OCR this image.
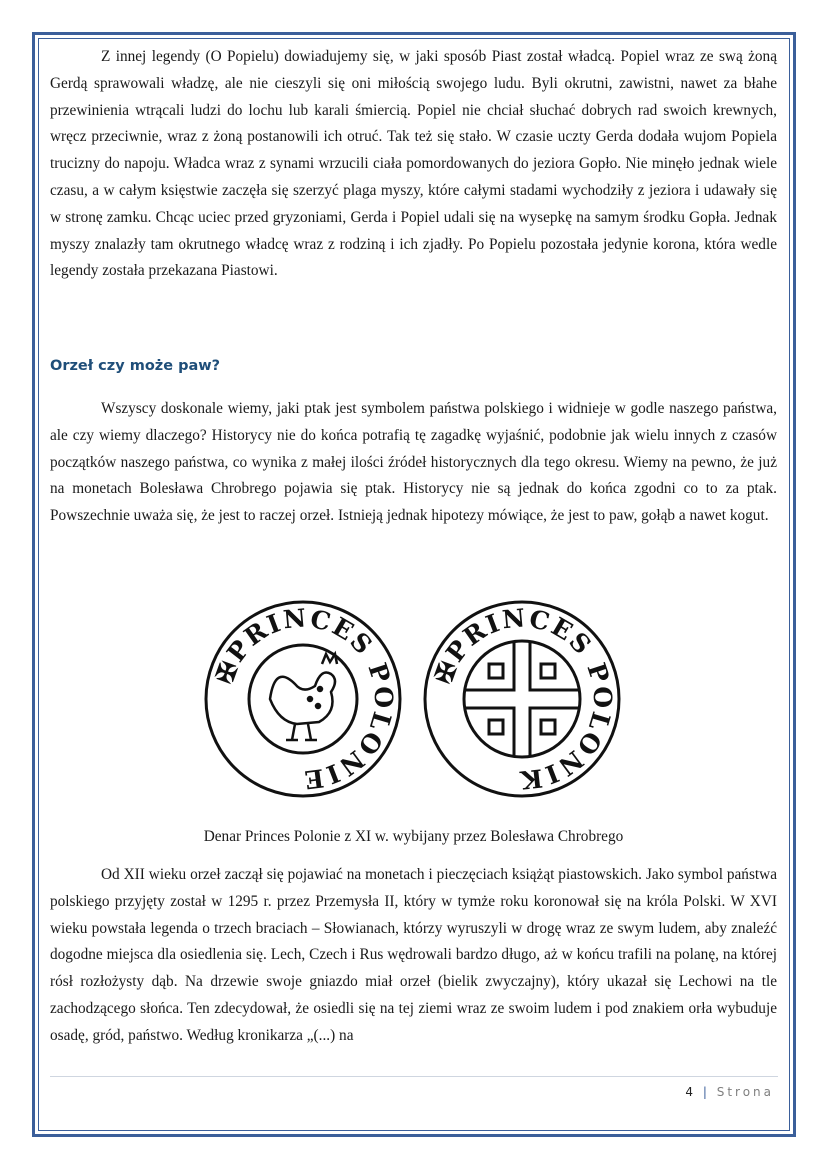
Z innej legendy (O Popielu) dowiadujemy się, w jaki sposób Piast został władcą. Popiel wraz ze swą żoną Gerdą sprawowali władzę, ale nie cieszyli się oni miłością swojego ludu. Byli okrutni, zawistni, nawet za błahe przewinienia wtrącali ludzi do lochu lub karali śmiercią. Popiel nie chciał słuchać dobrych rad swoich krewnych, wręcz przeciwnie, wraz z żoną postanowili ich otruć. Tak też się stało. W czasie uczty Gerda dodała wujom Popiela trucizny do napoju. Władca wraz z synami wrzucili ciała pomordowanych do jeziora Gopło. Nie minęło jednak wiele czasu, a w całym księstwie zaczęła się szerzyć plaga myszy, które całymi stadami wychodziły z jeziora i udawały się w stronę zamku. Chcąc uciec przed gryzoniami, Gerda i Popiel udali się na wysepkę na samym środku Gopła. Jednak myszy znalazły tam okrutnego władcę wraz z rodziną i ich zjadły. Po Popielu pozostała jedynie korona, która wedle legendy została przekazana Piastowi.

Orzeł czy może paw?

Wszyscy doskonale wiemy, jaki ptak jest symbolem państwa polskiego i widnieje w godle naszego państwa, ale czy wiemy dlaczego? Historycy nie do końca potrafią tę zagadkę wyjaśnić, podobnie jak wielu innych z czasów początków naszego państwa, co wynika z małej ilości źródeł historycznych dla tego okresu. Wiemy na pewno, że już na monetach Bolesława Chrobrego pojawia się ptak. Historycy nie są jednak do końca zgodni co to za ptak. Powszechnie uważa się, że jest to raczej orzeł. Istnieją jednak hipotezy mówiące, że jest to paw, gołąb a nawet kogut.

✠PRINCES POLONIE
✠PRINCES POLONIK
Denar Princes Polonie z XI w. wybijany przez Bolesława Chrobrego

Od XII wieku orzeł zaczął się pojawiać na monetach i pieczęciach książąt piastowskich. Jako symbol państwa polskiego przyjęty został w 1295 r. przez Przemysła II, który w tymże roku koronował się na króla Polski. W XVI wieku powstała legenda o trzech braciach – Słowianach, którzy wyruszyli w drogę wraz ze swym ludem, aby znaleźć dogodne miejsca dla osiedlenia się. Lech, Czech i Rus wędrowali bardzo długo, aż w końcu trafili na polanę, na której rósł rozłożysty dąb. Na drzewie swoje gniazdo miał orzeł (bielik zwyczajny), który ukazał się Lechowi na tle zachodzącego słońca. Ten zdecydował, że osiedli się na tej ziemi wraz ze swoim ludem i pod znakiem orła wybuduje osadę, gród, państwo. Według kronikarza „(...) na

4 | Strona
